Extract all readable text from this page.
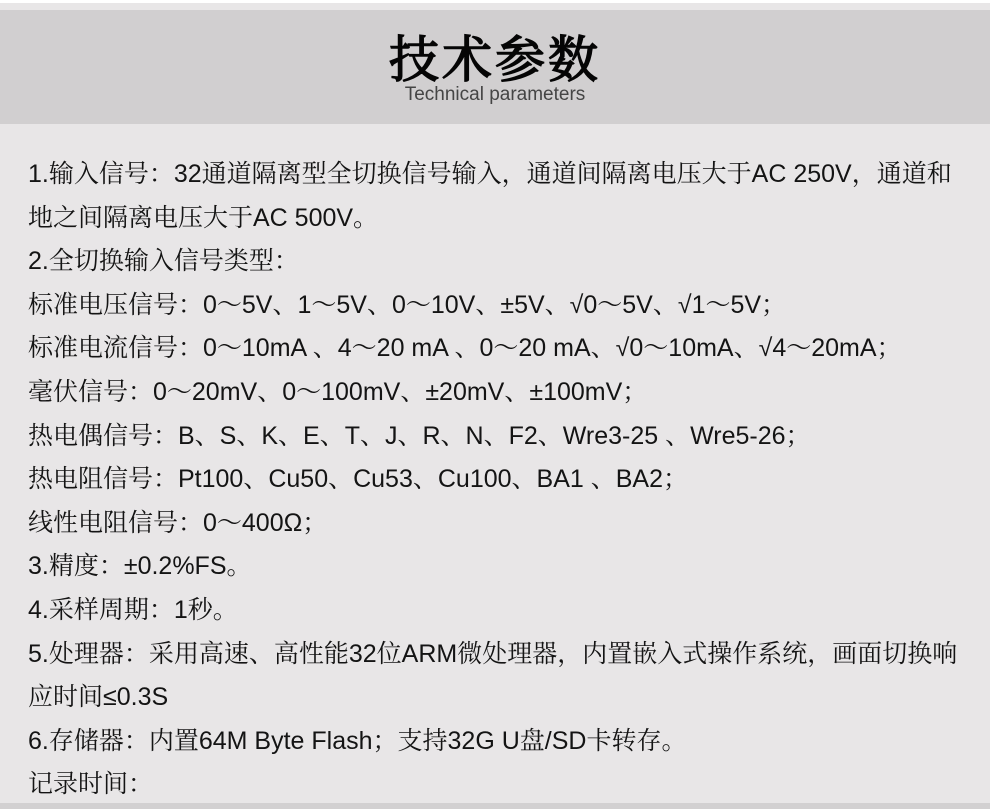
技术参数
Technical parameters
1.输入信号：32通道隔离型全切换信号输入，通道间隔离电压大于AC 250V，通道和
地之间隔离电压大于AC 500V。
2.全切换输入信号类型：
标准电压信号：0～5V、1～5V、0～10V、±5V、√0～5V、√1～5V；
标准电流信号：0～10mA 、4～20 mA 、0～20 mA、√0～10mA、√4～20mA；
毫伏信号：0～20mV、0～100mV、±20mV、±100mV；
热电偶信号：B、S、K、E、T、J、R、N、F2、Wre3-25 、Wre5-26；
热电阻信号：Pt100、Cu50、Cu53、Cu100、BA1 、BA2；
线性电阻信号：0～400Ω；
3.精度：±0.2%FS。
4.采样周期：1秒。
5.处理器：采用高速、高性能32位ARM微处理器，内置嵌入式操作系统，画面切换响
应时间≤0.3S
6.存储器：内置64M Byte Flash；支持32G U盘/SD卡转存。
记录时间：
